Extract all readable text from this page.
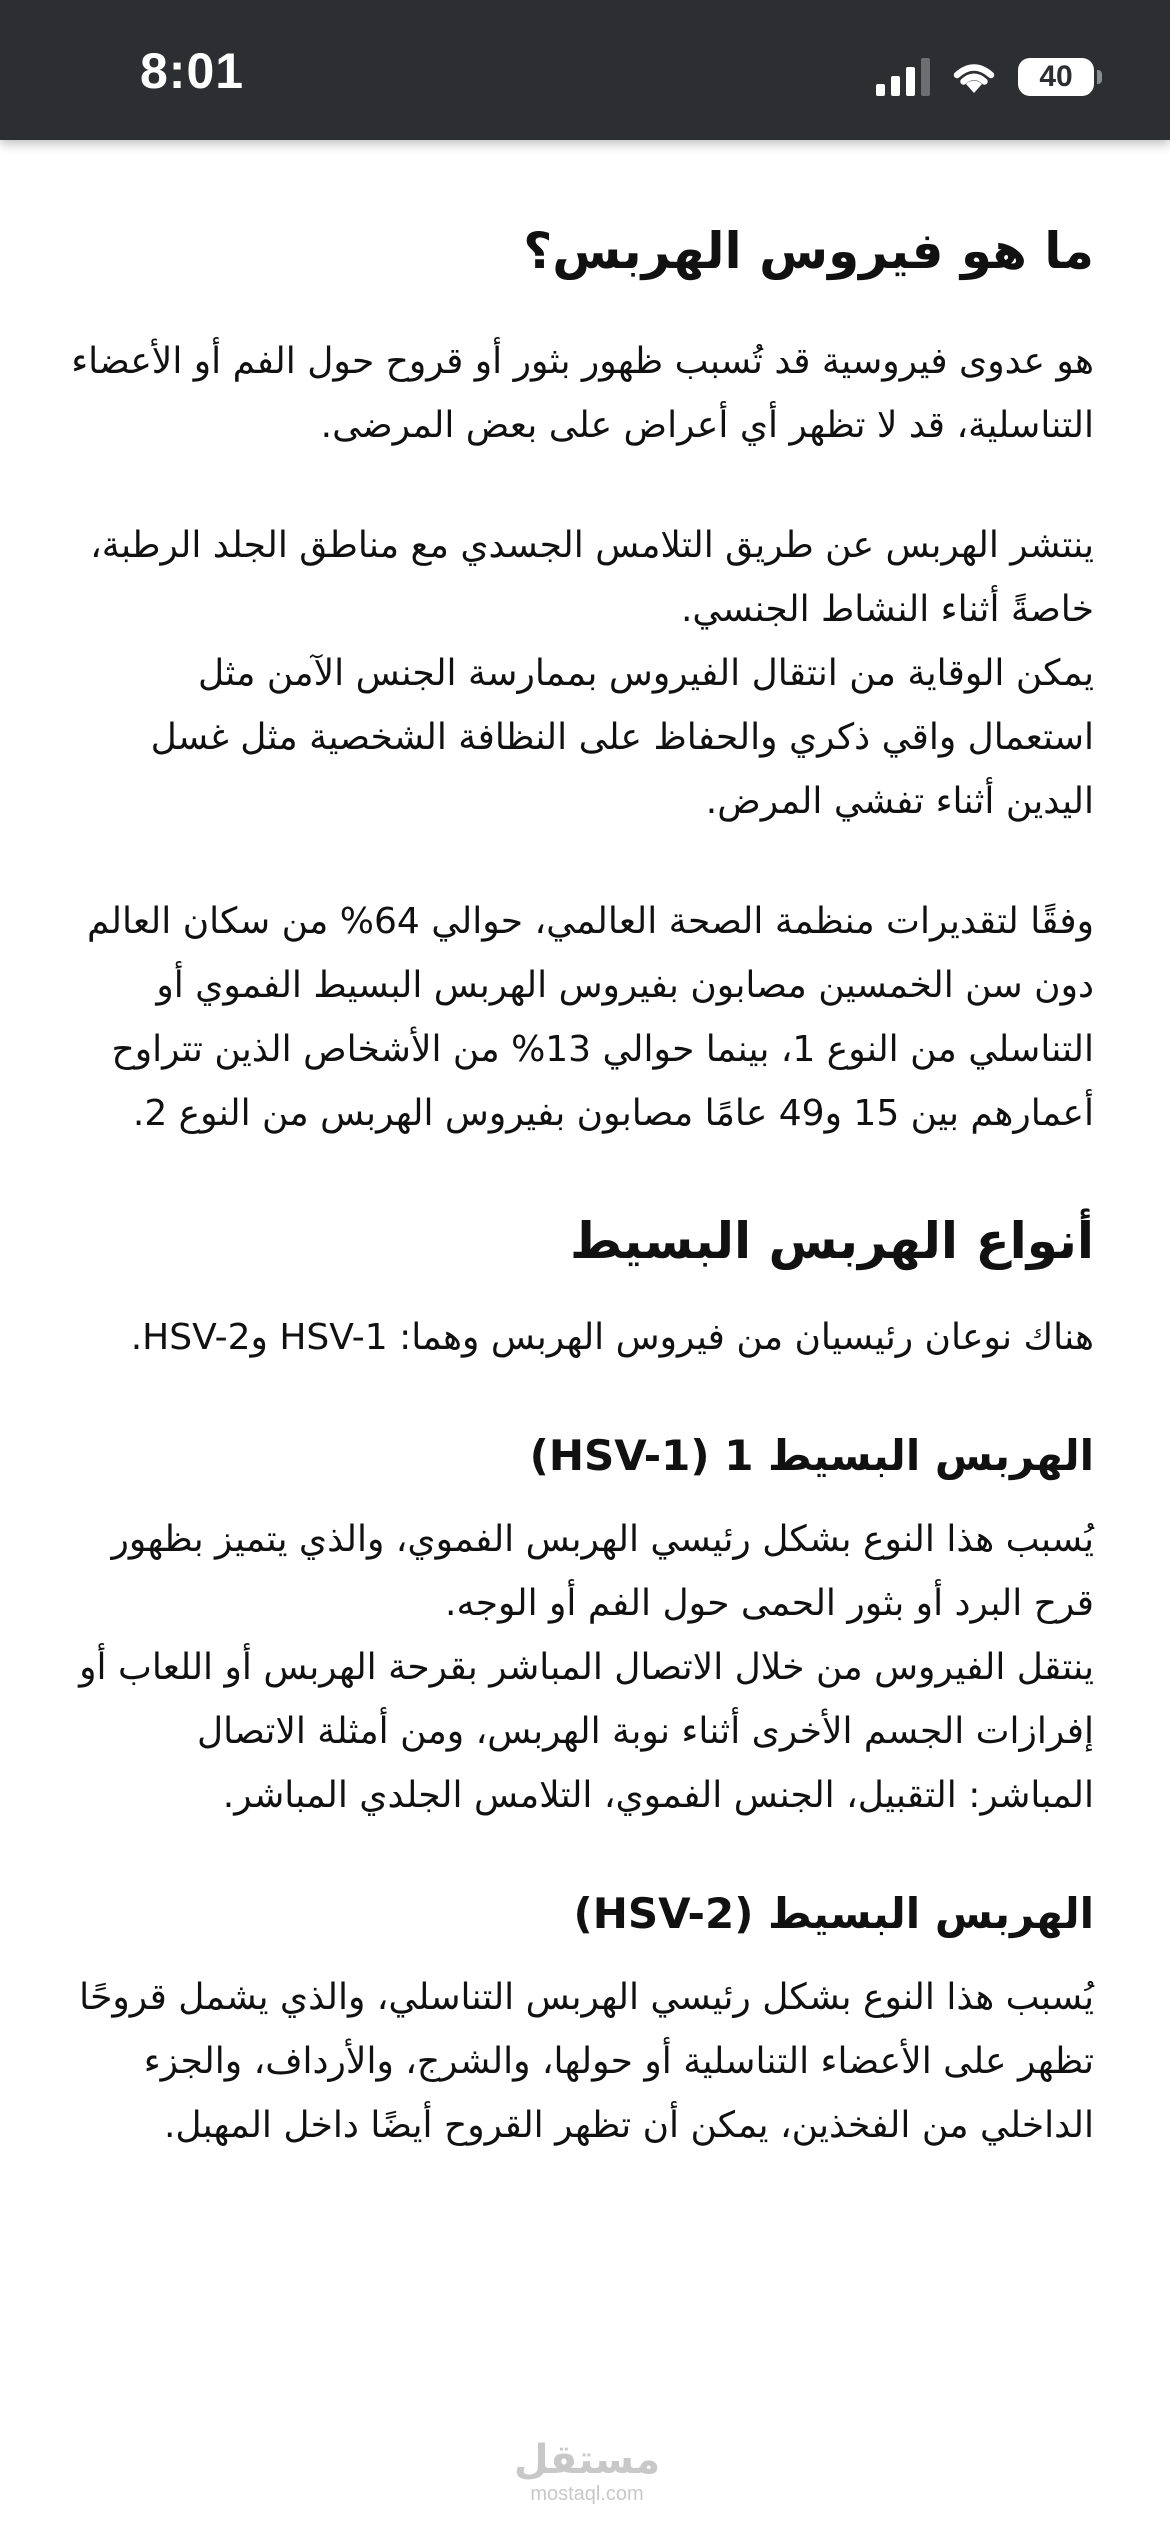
8:01	40
ما هو فيروس الهربس؟

هو عدوى فيروسية قد تُسبب ظهور بثور أو قروح حول الفم أو الأعضاء التناسلية، قد لا تظهر أي أعراض على بعض المرضى.

ينتشر الهربس عن طريق التلامس الجسدي مع مناطق الجلد الرطبة، خاصةً أثناء النشاط الجنسي.

يمكن الوقاية من انتقال الفيروس بممارسة الجنس الآمن مثل استعمال واقي ذكري والحفاظ على النظافة الشخصية مثل غسل اليدين أثناء تفشي المرض.

وفقًا لتقديرات منظمة الصحة العالمي، حوالي 64% من سكان العالم دون سن الخمسين مصابون بفيروس الهربس البسيط الفموي أو التناسلي من النوع 1، بينما حوالي 13% من الأشخاص الذين تتراوح أعمارهم بين 15 و49 عامًا مصابون بفيروس الهربس من النوع 2.

أنواع الهربس البسيط

هناك نوعان رئيسيان من فيروس الهربس وهما: HSV-1 وHSV-2.

الهربس البسيط 1 (HSV-1)

يُسبب هذا النوع بشكل رئيسي الهربس الفموي، والذي يتميز بظهور قرح البرد أو بثور الحمى حول الفم أو الوجه.

ينتقل الفيروس من خلال الاتصال المباشر بقرحة الهربس أو اللعاب أو إفرازات الجسم الأخرى أثناء نوبة الهربس، ومن أمثلة الاتصال المباشر: التقبيل، الجنس الفموي، التلامس الجلدي المباشر.

الهربس البسيط (HSV-2)

يُسبب هذا النوع بشكل رئيسي الهربس التناسلي، والذي يشمل قروحًا تظهر على الأعضاء التناسلية أو حولها، والشرج، والأرداف، والجزء الداخلي من الفخذين، يمكن أن تظهر القروح أيضًا داخل المهبل.

مستقل
mostaql.com
